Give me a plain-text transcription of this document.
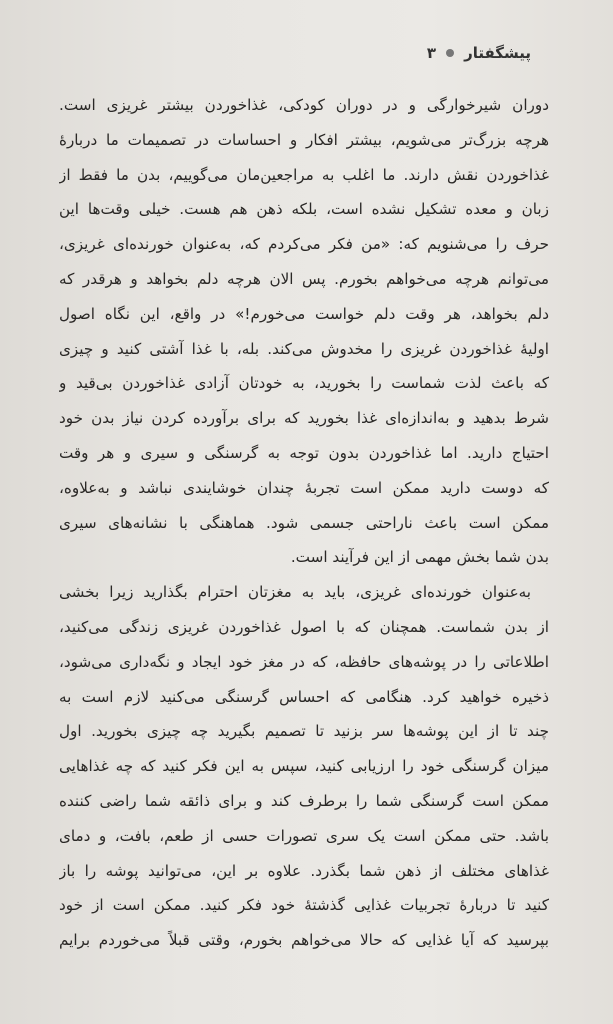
پیشگفتار
۳
دوران شیرخوارگی و در دوران کودکی، غذاخوردن بیشتر غریزی است.
هرچه بزرگ‌تر می‌شویم، بیشتر افکار و احساسات در تصمیمات ما دربارهٔ
غذاخوردن نقش دارند. ما اغلب به مراجعین‌مان می‌گوییم، بدن ما فقط از
زبان و معده تشکیل نشده است، بلکه ذهن هم هست. خیلی وقت‌ها این
حرف را می‌شنویم که: «من فکر می‌کردم که، به‌عنوان خورنده‌ای غریزی،
می‌توانم هرچه می‌خواهم بخورم. پس الان هرچه دلم بخواهد و هرقدر که
دلم بخواهد، هر وقت دلم خواست می‌خورم!» در واقع، این نگاه اصول
اولیهٔ غذاخوردن غریزی را مخدوش می‌کند. بله، با غذا آشتی کنید و چیزی
که باعث لذت شماست را بخورید، به خودتان آزادی غذاخوردن بی‌قید و
شرط بدهید و به‌اندازه‌ای غذا بخورید که برای برآورده کردن نیاز بدن خود
احتیاج دارید. اما غذاخوردن بدون توجه به گرسنگی و سیری و هر وقت
که دوست دارید ممکن است تجربهٔ چندان خوشایندی نباشد و به‌علاوه،
ممکن است باعث ناراحتی جسمی شود. هماهنگی با نشانه‌های سیری
بدن شما بخش مهمی از این فرآیند است.
به‌عنوان خورنده‌ای غریزی، باید به مغزتان احترام بگذارید زیرا بخشی
از بدن شماست. همچنان که با اصول غذاخوردن غریزی زندگی می‌کنید،
اطلاعاتی را در پوشه‌های حافظه، که در مغز خود ایجاد و نگه‌داری می‌شود،
ذخیره خواهید کرد. هنگامی که احساس گرسنگی می‌کنید لازم است به
چند تا از این پوشه‌ها سر بزنید تا تصمیم بگیرید چه چیزی بخورید. اول
میزان گرسنگی خود را ارزیابی کنید، سپس به این فکر کنید که چه غذاهایی
ممکن است گرسنگی شما را برطرف کند و برای ذائقه شما راضی کننده
باشد. حتی ممکن است یک سری تصورات حسی از طعم، بافت، و دمای
غذاهای مختلف از ذهن شما بگذرد. علاوه بر این، می‌توانید پوشه را باز
کنید تا دربارهٔ تجربیات غذایی گذشتهٔ خود فکر کنید. ممکن است از خود
بپرسید که آیا غذایی که حالا می‌خواهم بخورم، وقتی قبلاً می‌خوردم برایم
